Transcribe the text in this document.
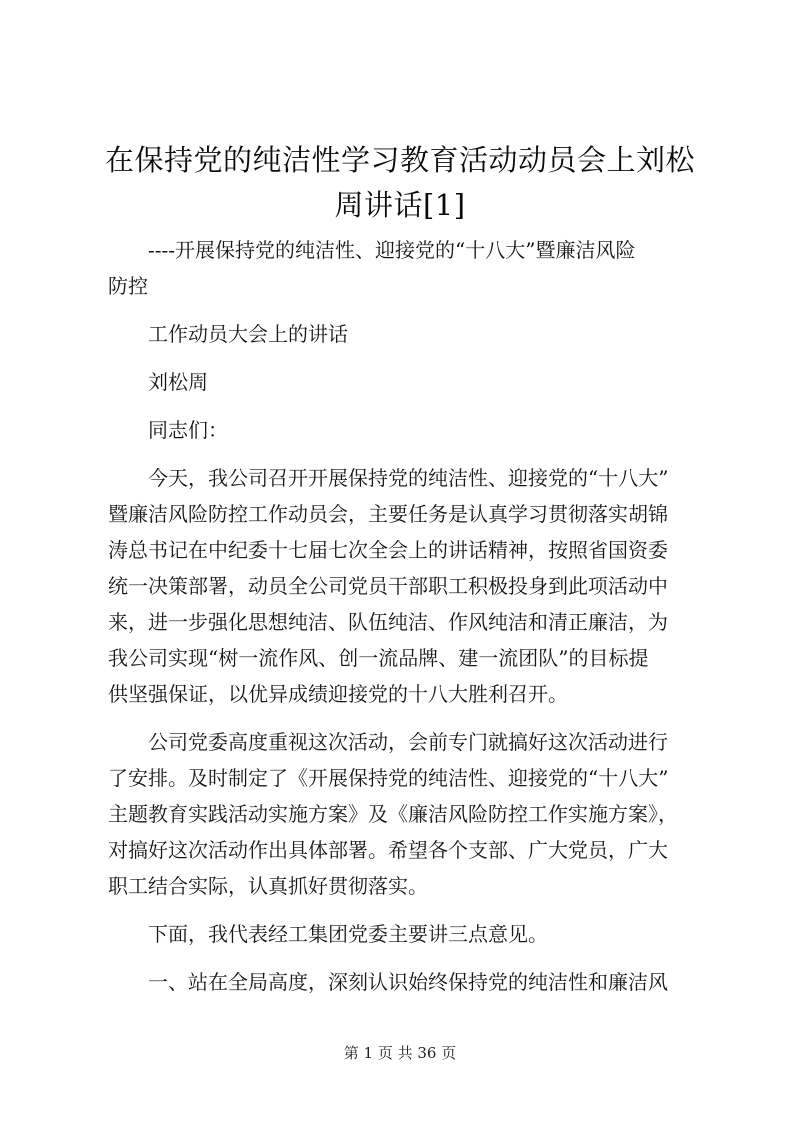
在保持党的纯洁性学习教育活动动员会上刘松
周讲话[1]

----开展保持党的纯洁性、迎接党的“十八大”暨廉洁风险

防控

工作动员大会上的讲话

刘松周

同志们：

今天，我公司召开开展保持党的纯洁性、迎接党的“十八大”
暨廉洁风险防控工作动员会，主要任务是认真学习贯彻落实胡锦
涛总书记在中纪委十七届七次全会上的讲话精神，按照省国资委
统一决策部署，动员全公司党员干部职工积极投身到此项活动中
来，进一步强化思想纯洁、队伍纯洁、作风纯洁和清正廉洁，为
我公司实现“树一流作风、创一流品牌、建一流团队”的目标提
供坚强保证，以优异成绩迎接党的十八大胜利召开。

公司党委高度重视这次活动，会前专门就搞好这次活动进行
了安排。及时制定了《开展保持党的纯洁性、迎接党的“十八大”
主题教育实践活动实施方案》及《廉洁风险防控工作实施方案》，
对搞好这次活动作出具体部署。希望各个支部、广大党员，广大
职工结合实际，认真抓好贯彻落实。

下面，我代表经工集团党委主要讲三点意见。

一、站在全局高度，深刻认识始终保持党的纯洁性和廉洁风

第 1 页 共 36 页
